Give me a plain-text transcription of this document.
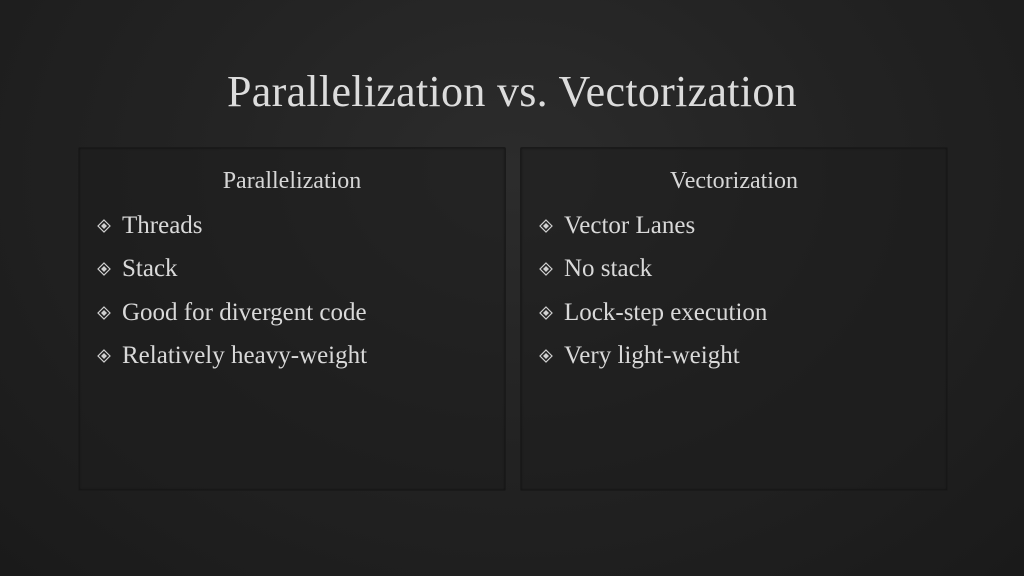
Parallelization vs. Vectorization
Parallelization
Threads
Stack
Good for divergent code
Relatively heavy-weight
Vectorization
Vector Lanes
No stack
Lock-step execution
Very light-weight
